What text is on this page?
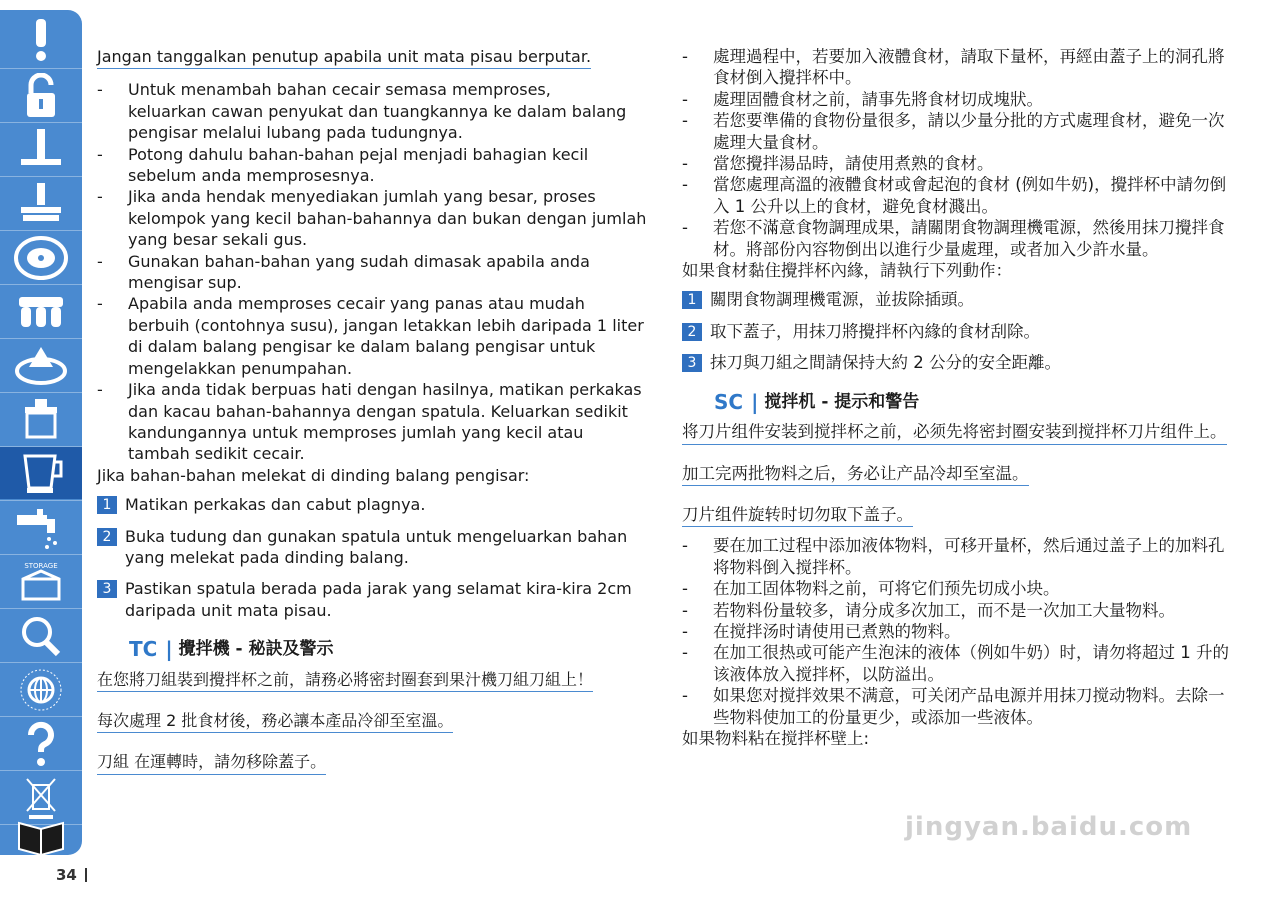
STORAGE
34
Jangan tanggalkan penutup apabila unit mata pisau berputar.
- Untuk menambah bahan cecair semasa memproses,
keluarkan cawan penyukat dan tuangkannya ke dalam balang pengisar melalui lubang pada tudungnya.
- Potong dahulu bahan-bahan pejal menjadi bahagian kecil sebelum anda memprosesnya.
- Jika anda hendak menyediakan jumlah yang besar, proses kelompok yang kecil bahan-bahannya dan bukan dengan jumlah yang besar sekali gus.
- Gunakan bahan-bahan yang sudah dimasak apabila anda mengisar sup.
- Apabila anda memproses cecair yang panas atau mudah berbuih (contohnya susu), jangan letakkan lebih daripada 1 liter di dalam balang pengisar ke dalam balang pengisar untuk mengelakkan penumpahan.
- Jika anda tidak berpuas hati dengan hasilnya, matikan perkakas dan kacau bahan-bahannya dengan spatula. Keluarkan sedikit kandungannya untuk memproses jumlah yang kecil atau tambah sedikit cecair.
Jika bahan-bahan melekat di dinding balang pengisar:
1 Matikan perkakas dan cabut plagnya.
2 Buka tudung dan gunakan spatula untuk mengeluarkan bahan yang melekat pada dinding balang.
3 Pastikan spatula berada pada jarak yang selamat kira-kira 2cm daripada unit mata pisau.
TC | 攪拌機 - 秘訣及警示
在您將刀組裝到攪拌杯之前，請務必將密封圈套到果汁機刀組刀組上！
每次處理 2 批食材後，務必讓本產品冷卻至室溫。
刀組 在運轉時，請勿移除蓋子。
- 處理過程中，若要加入液體食材，請取下量杯，再經由蓋子上的洞孔將食材倒入攪拌杯中。
- 處理固體食材之前，請事先將食材切成塊狀。
- 若您要準備的食物份量很多，請以少量分批的方式處理食材，避免一次處理大量食材。
- 當您攪拌湯品時，請使用煮熟的食材。
- 當您處理高溫的液體食材或會起泡的食材 (例如牛奶)，攪拌杯中請勿倒入 1 公升以上的食材，避免食材濺出。
- 若您不滿意食物調理成果，請關閉食物調理機電源，然後用抹刀攪拌食材。將部份內容物倒出以進行少量處理，或者加入少許水量。
如果食材黏住攪拌杯內緣，請執行下列動作：
1 關閉食物調理機電源，並拔除插頭。
2 取下蓋子，用抹刀將攪拌杯內緣的食材刮除。
3 抹刀與刀組之間請保持大約 2 公分的安全距離。
SC | 搅拌机 - 提示和警告
将刀片组件安装到搅拌杯之前，必须先将密封圈安装到搅拌杯刀片组件上。
加工完两批物料之后，务必让产品冷却至室温。
刀片组件旋转时切勿取下盖子。
- 要在加工过程中添加液体物料，可移开量杯，然后通过盖子上的加料孔将物料倒入搅拌杯。
- 在加工固体物料之前，可将它们预先切成小块。
- 若物料份量较多，请分成多次加工，而不是一次加工大量物料。
- 在搅拌汤时请使用已煮熟的物料。
- 在加工很热或可能产生泡沫的液体（例如牛奶）时，请勿将超过 1 升的该液体放入搅拌杯，以防溢出。
- 如果您对搅拌效果不满意，可关闭产品电源并用抹刀搅动物料。去除一些物料使加工的份量更少，或添加一些液体。
如果物料粘在搅拌杯壁上:
jingyan.baidu.com
